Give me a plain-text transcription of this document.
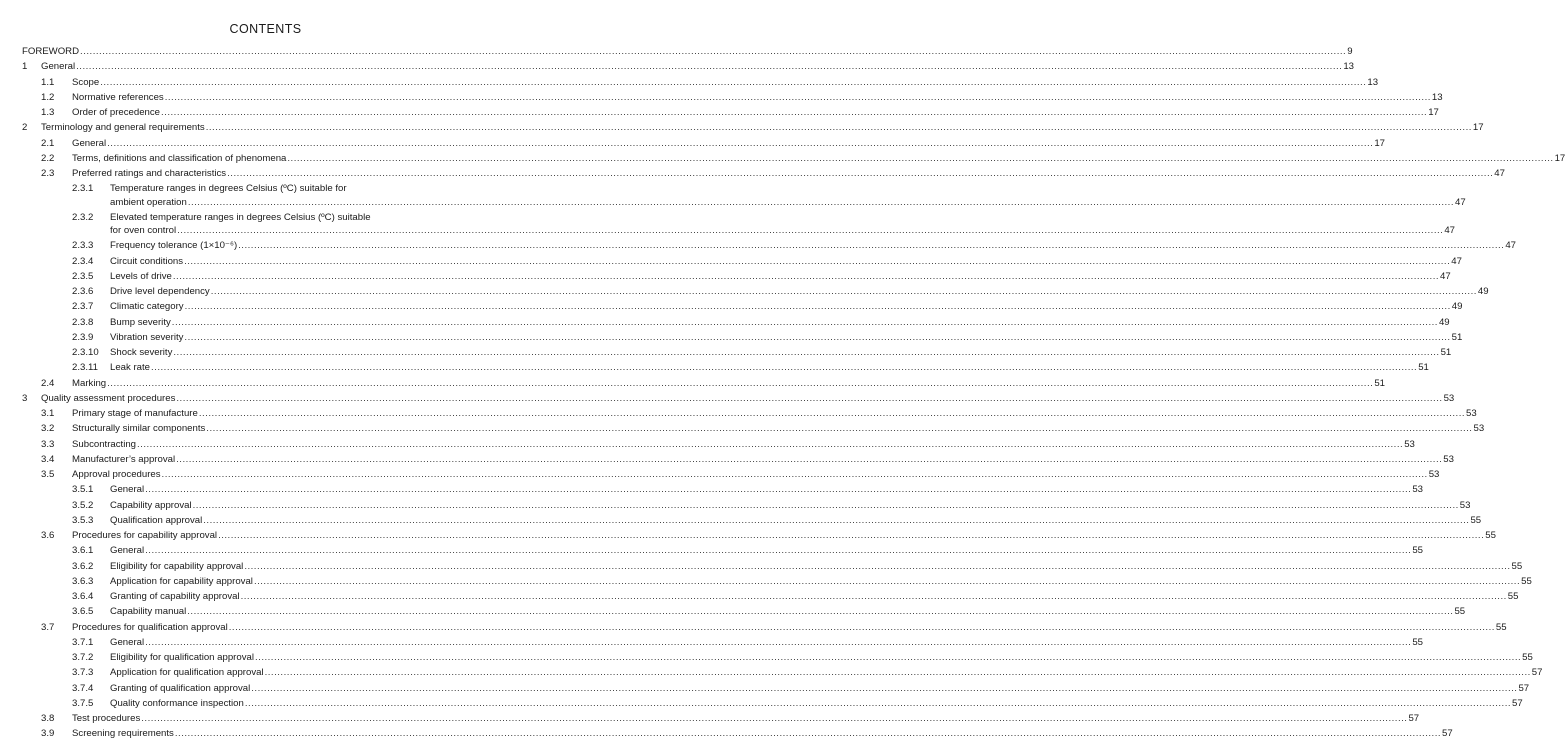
CONTENTS
FOREWORD ................................................................................................................................................................................................................................................................................................................................................................................................................ 9
1 General ................................................................................................................................................................................................................................................................................................................................................................................................................ 13
1.1 Scope ................................................................................................................................................................................................................................................................................................................................................................................................................ 13
1.2 Normative references ................................................................................................................................................................................................................................................................................................................................................................................................................ 13
1.3 Order of precedence ................................................................................................................................................................................................................................................................................................................................................................................................................ 17
2 Terminology and general requirements ................................................................................................................................................................................................................................................................................................................................................................................................................ 17
2.1 General ................................................................................................................................................................................................................................................................................................................................................................................................................ 17
2.2 Terms, definitions and classification of phenomena ................................................................................................................................................................................................................................................................................................................................................................................................................ 17
2.3 Preferred ratings and characteristics ................................................................................................................................................................................................................................................................................................................................................................................................................ 47
2.3.1 Temperature ranges in degrees Celsius (ºC) suitable for
ambient operation ................................................................................................................................................................................................................................................................................................................................................................................................................ 47
2.3.2 Elevated temperature ranges in degrees Celsius (ºC) suitable
for oven control ................................................................................................................................................................................................................................................................................................................................................................................................................ 47
2.3.3 Frequency tolerance (1×10⁻⁶) ................................................................................................................................................................................................................................................................................................................................................................................................................ 47
2.3.4 Circuit conditions ................................................................................................................................................................................................................................................................................................................................................................................................................ 47
2.3.5 Levels of drive ................................................................................................................................................................................................................................................................................................................................................................................................................ 47
2.3.6 Drive level dependency ................................................................................................................................................................................................................................................................................................................................................................................................................ 49
2.3.7 Climatic category ................................................................................................................................................................................................................................................................................................................................................................................................................ 49
2.3.8 Bump severity ................................................................................................................................................................................................................................................................................................................................................................................................................ 49
2.3.9 Vibration severity ................................................................................................................................................................................................................................................................................................................................................................................................................ 51
2.3.10 Shock severity ................................................................................................................................................................................................................................................................................................................................................................................................................ 51
2.3.11 Leak rate ................................................................................................................................................................................................................................................................................................................................................................................................................ 51
2.4 Marking ................................................................................................................................................................................................................................................................................................................................................................................................................ 51
3 Quality assessment procedures ................................................................................................................................................................................................................................................................................................................................................................................................................ 53
3.1 Primary stage of manufacture ................................................................................................................................................................................................................................................................................................................................................................................................................ 53
3.2 Structurally similar components ................................................................................................................................................................................................................................................................................................................................................................................................................ 53
3.3 Subcontracting ................................................................................................................................................................................................................................................................................................................................................................................................................ 53
3.4 Manufacturer’s approval ................................................................................................................................................................................................................................................................................................................................................................................................................ 53
3.5 Approval procedures ................................................................................................................................................................................................................................................................................................................................................................................................................ 53
3.5.1 General ................................................................................................................................................................................................................................................................................................................................................................................................................ 53
3.5.2 Capability approval ................................................................................................................................................................................................................................................................................................................................................................................................................ 53
3.5.3 Qualification approval ................................................................................................................................................................................................................................................................................................................................................................................................................ 55
3.6 Procedures for capability approval ................................................................................................................................................................................................................................................................................................................................................................................................................ 55
3.6.1 General ................................................................................................................................................................................................................................................................................................................................................................................................................ 55
3.6.2 Eligibility for capability approval ................................................................................................................................................................................................................................................................................................................................................................................................................ 55
3.6.3 Application for capability approval ................................................................................................................................................................................................................................................................................................................................................................................................................ 55
3.6.4 Granting of capability approval ................................................................................................................................................................................................................................................................................................................................................................................................................ 55
3.6.5 Capability manual ................................................................................................................................................................................................................................................................................................................................................................................................................ 55
3.7 Procedures for qualification approval ................................................................................................................................................................................................................................................................................................................................................................................................................ 55
3.7.1 General ................................................................................................................................................................................................................................................................................................................................................................................................................ 55
3.7.2 Eligibility for qualification approval ................................................................................................................................................................................................................................................................................................................................................................................................................ 55
3.7.3 Application for qualification approval ................................................................................................................................................................................................................................................................................................................................................................................................................ 57
3.7.4 Granting of qualification approval ................................................................................................................................................................................................................................................................................................................................................................................................................ 57
3.7.5 Quality conformance inspection ................................................................................................................................................................................................................................................................................................................................................................................................................ 57
3.8 Test procedures ................................................................................................................................................................................................................................................................................................................................................................................................................ 57
3.9 Screening requirements ................................................................................................................................................................................................................................................................................................................................................................................................................ 57
